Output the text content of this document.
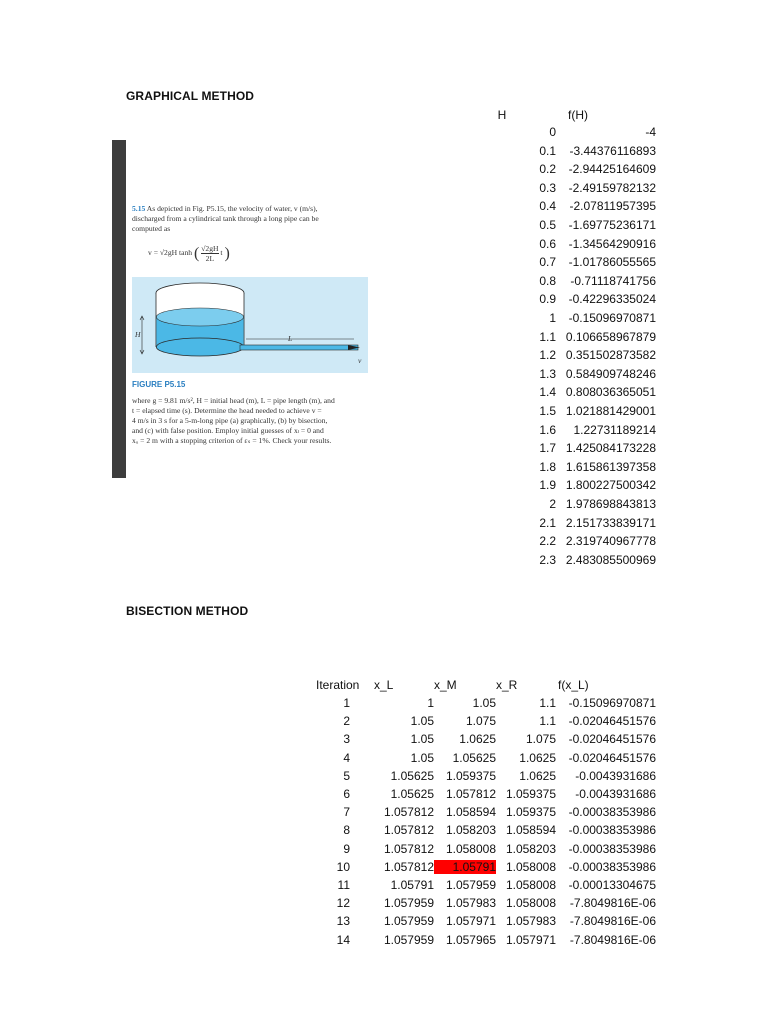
GRAPHICAL METHOD
H	f(H)
0	-4
0.1	-3.44376116893
0.2	-2.94425164609
0.3	-2.49159782132
0.4	-2.07811957395
0.5	-1.69775236171
0.6	-1.34564290916
0.7	-1.01786055565
0.8	-0.71118741756
0.9	-0.42296335024
1	-0.15096970871
1.1 0.106658967879
1.2 0.351502873582
1.3 0.584909748246
1.4 0.808036365051
1.5 1.021881429001
1.6	1.22731189214
1.7 1.425084173228
1.8 1.615861397358
1.9 1.800227500342
2 1.978698843813
2.1 2.151733839171
2.2 2.319740967778
2.3 2.483085500969
5.15 As depicted in Fig. P5.15, the velocity of water, v (m/s),
discharged from a cylindrical tank through a long pipe can be
computed as
v = √2gH tanh ( $\frac{√2gH}{2L}$ t )
H	L
v
FIGURE P5.15
where g = 9.81 m/s², H = initial head (m), L = pipe length (m), and
t = elapsed time (s). Determine the head needed to achieve v =
4 m/s in 3 s for a 5-m-long pipe (a) graphically, (b) by bisection,
and (c) with false position. Employ initial guesses of xₗ = 0 and
xᵤ = 2 m with a stopping criterion of εₛ = 1%. Check your results.
BISECTION METHOD
Iteration x_L	x_M	x_R	f(x_L)
1	1	1.05	1.1	-0.15096970871
2	1.05	1.075	1.1	-0.02046451576
3	1.05	1.0625	1.075	-0.02046451576
4	1.05	1.05625	1.0625	-0.02046451576
5	1.05625 1.059375	1.0625	-0.0043931686
6	1.05625 1.057812 1.059375	-0.0043931686
7	1.057812 1.058594 1.059375	-0.00038353986
8	1.057812 1.058203 1.058594	-0.00038353986
9	1.057812 1.058008 1.058203	-0.00038353986
10	1.057812	1.05791 1.058008	-0.00038353986
11	1.05791 1.057959 1.058008	-0.00013304675
12	1.057959 1.057983 1.058008	-7.8049816E-06
13	1.057959 1.057971 1.057983	-7.8049816E-06
14	1.057959 1.057965 1.057971	-7.8049816E-06
